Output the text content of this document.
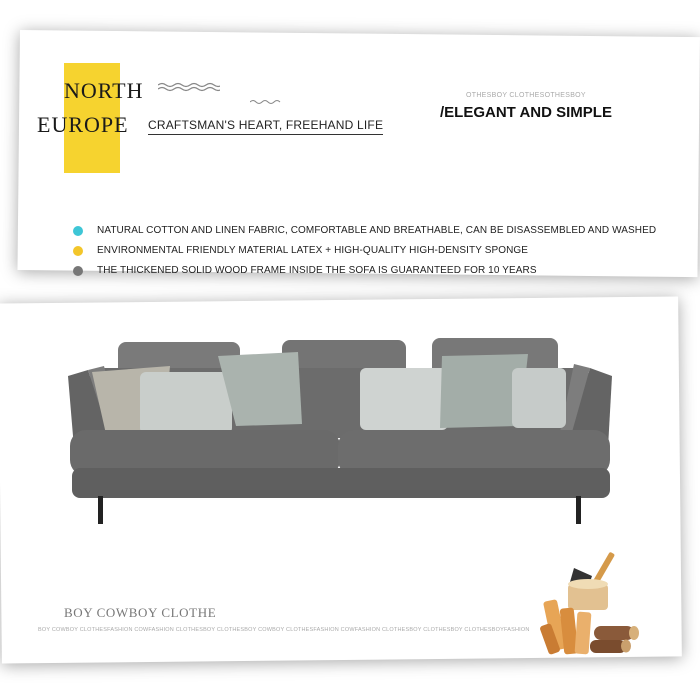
NORTH
EUROPE CRAFTSMAN'S HEART, FREEHAND LIFE
OTHESBOY CLOTHESOTHESBOY
/ELEGANT AND SIMPLE
NATURAL COTTON AND LINEN FABRIC, COMFORTABLE AND BREATHABLE, CAN BE DISASSEMBLED AND WASHED
ENVIRONMENTAL FRIENDLY MATERIAL LATEX + HIGH-QUALITY HIGH-DENSITY SPONGE
THE THICKENED SOLID WOOD FRAME INSIDE THE SOFA IS GUARANTEED FOR 10 YEARS
BOY COWBOY CLOTHE
BOY COWBOY CLOTHESFASHION COWFASHION CLOTHESBOY CLOTHESBOY COWBOY CLOTHESFASHION COWFASHION CLOTHESBOY CLOTHESBOY CLOTHESBOYFASHION
